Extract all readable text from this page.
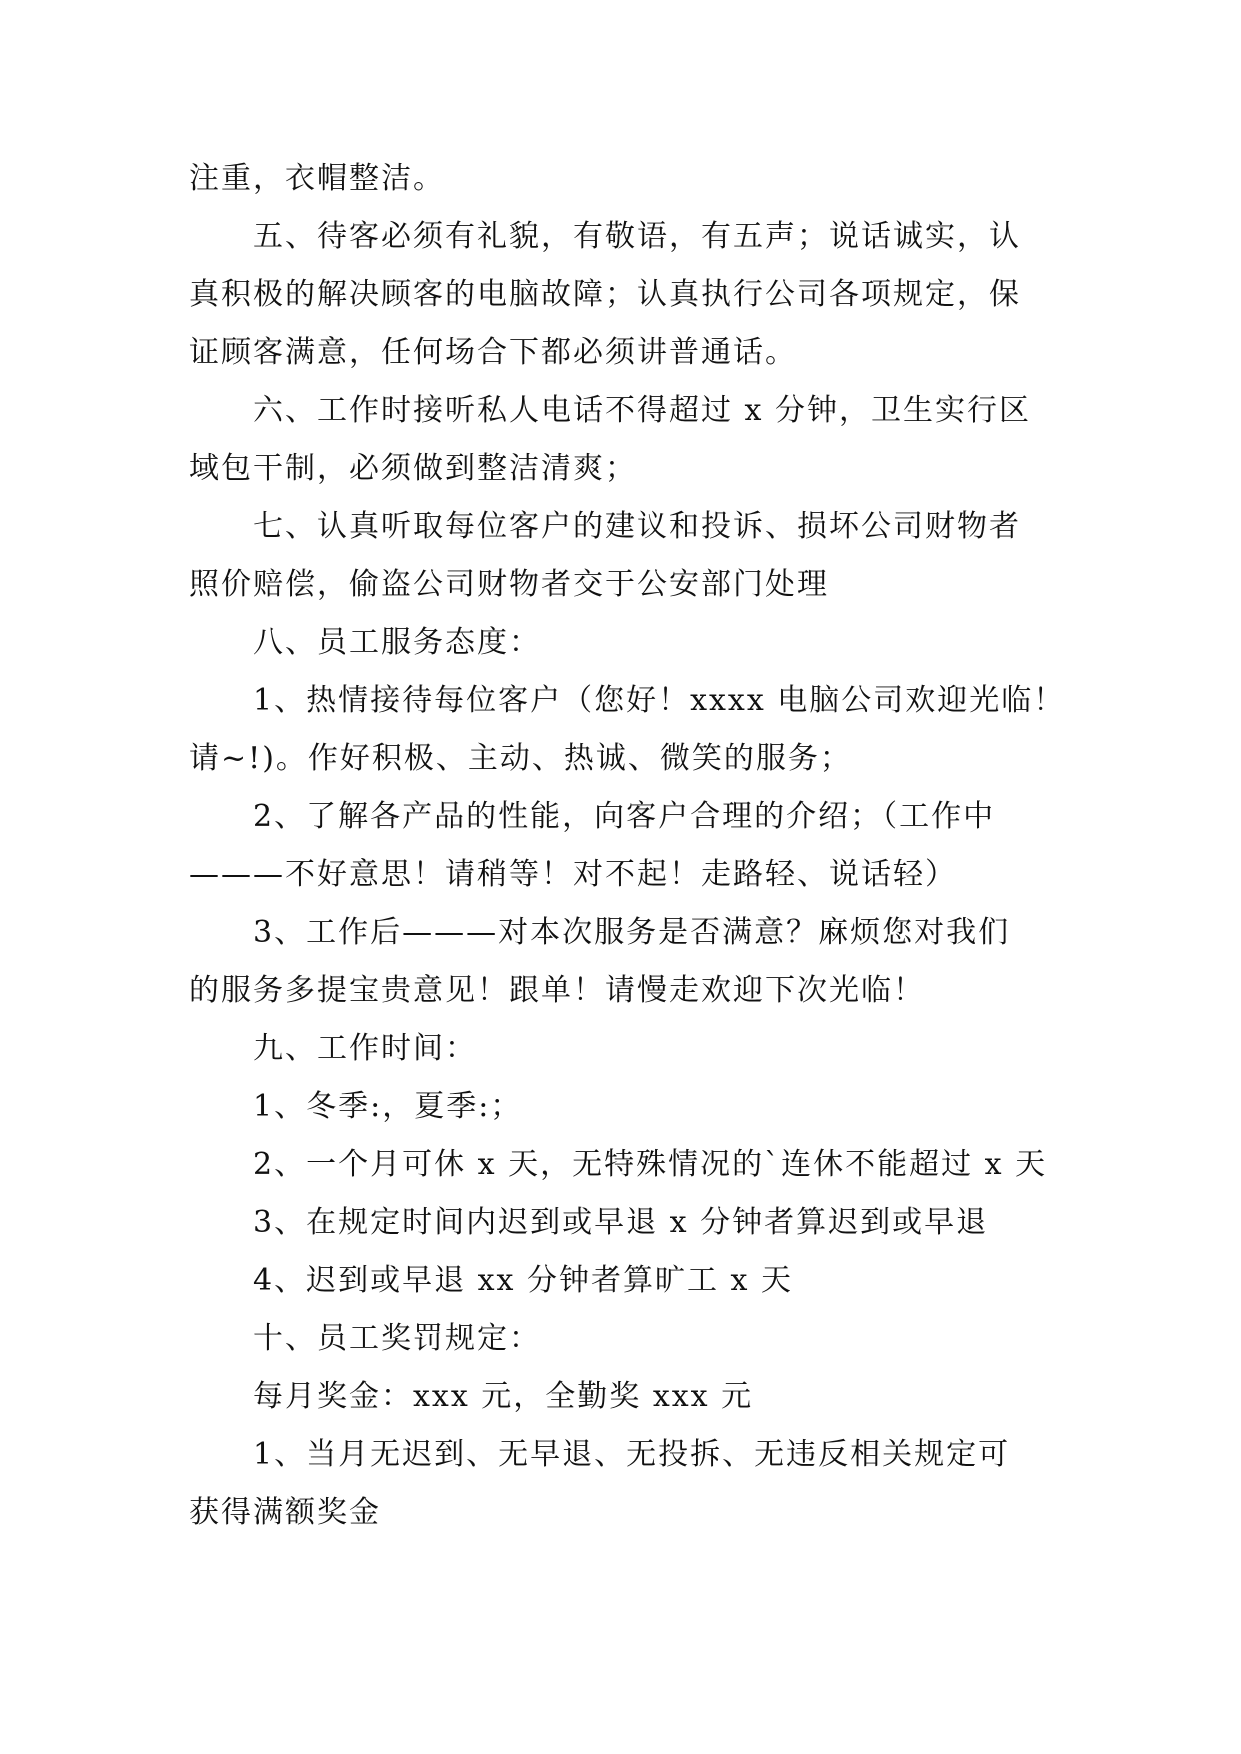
注重，衣帽整洁。

五、待客必须有礼貌，有敬语，有五声；说话诚实，认
真积极的解决顾客的电脑故障；认真执行公司各项规定，保
证顾客满意，任何场合下都必须讲普通话。

六、工作时接听私人电话不得超过 x 分钟，卫生实行区
域包干制，必须做到整洁清爽；

七、认真听取每位客户的建议和投诉、损坏公司财物者
照价赔偿，偷盗公司财物者交于公安部门处理

八、员工服务态度：

1、热情接待每位客户（您好！xxxx 电脑公司欢迎光临！
请~!)。作好积极、主动、热诚、微笑的服务；

2、了解各产品的性能，向客户合理的介绍；（工作中
———不好意思！请稍等！对不起！走路轻、说话轻）

3、工作后———对本次服务是否满意？麻烦您对我们
的服务多提宝贵意见！跟单！请慢走欢迎下次光临！

九、工作时间：

1、冬季:，夏季:；

2、一个月可休 x 天，无特殊情况的`连休不能超过 x 天

3、在规定时间内迟到或早退 x 分钟者算迟到或早退

4、迟到或早退 xx 分钟者算旷工 x 天

十、员工奖罚规定：

每月奖金：xxx 元，全勤奖 xxx 元

1、当月无迟到、无早退、无投拆、无违反相关规定可
获得满额奖金
